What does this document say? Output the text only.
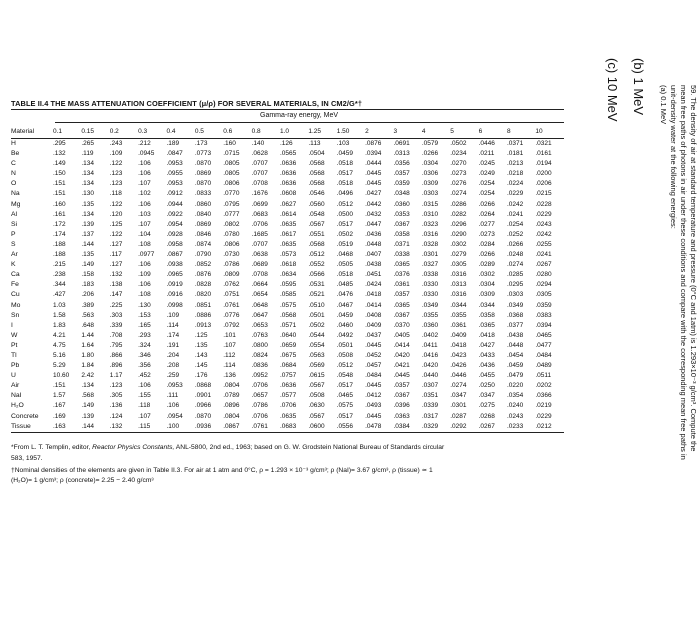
TABLE II.4 THE MASS ATTENUATION COEFFICIENT (μ/ρ) FOR SEVERAL MATERIALS, IN CM2/G*†
Gamma-ray energy, MeV
Material	0.1	0.15	0.2	0.3	0.4	0.5	0.6	0.8	1.0	1.25	1.50	2	3	4	5	6	8	10
H	.295	.265	.243	.212	.189	.173	.160	.140	.126	.113	.103	.0876	.0691	.0579	.0502	.0446	.0371	.0321
Be	.132	.119	.109	.0945	.0847	.0773	.0715	.0628	.0565	.0504	.0459	.0394	.0313	.0266	.0234	.0211	.0181	.0161
C	.149	.134	.122	.106	.0953	.0870	.0805	.0707	.0636	.0568	.0518	.0444	.0356	.0304	.0270	.0245	.0213	.0194
N	.150	.134	.123	.106	.0955	.0869	.0805	.0707	.0636	.0568	.0517	.0445	.0357	.0306	.0273	.0249	.0218	.0200
O	.151	.134	.123	.107	.0953	.0870	.0806	.0708	.0636	.0568	.0518	.0445	.0359	.0309	.0276	.0254	.0224	.0206
Na	.151	.130	.118	.102	.0912	.0833	.0770	.1676	.0608	.0546	.0496	.0427	.0348	.0303	.0274	.0254	.0229	.0215
Mg	.160	.135	.122	.106	.0944	.0860	.0795	.0699	.0627	.0560	.0512	.0442	.0360	.0315	.0286	.0266	.0242	.0228
Al	.161	.134	.120	.103	.0922	.0840	.0777	.0683	.0614	.0548	.0500	.0432	.0353	.0310	.0282	.0264	.0241	.0229
Si	.172	.139	.125	.107	.0954	.0869	.0802	.0706	.0635	.0567	.0517	.0447	.0367	.0323	.0296	.0277	.0254	.0243
P	.174	.137	.122	.104	.0928	.0846	.0780	.1685	.0617	.0551	.0502	.0436	.0358	.0316	.0290	.0273	.0252	.0242
S	.188	.144	.127	.108	.0958	.0874	.0806	.0707	.0635	.0568	.0519	.0448	.0371	.0328	.0302	.0284	.0266	.0255
Ar	.188	.135	.117	.0977	.0867	.0790	.0730	.0638	.0573	.0512	.0468	.0407	.0338	.0301	.0279	.0266	.0248	.0241
K	.215	.149	.127	.106	.0938	.0852	.0786	.0689	.0618	.0552	.0505	.0438	.0365	.0327	.0305	.0289	.0274	.0267
Ca	.238	.158	.132	.109	.0965	.0876	.0809	.0708	.0634	.0566	.0518	.0451	.0376	.0338	.0316	.0302	.0285	.0280
Fe	.344	.183	.138	.106	.0919	.0828	.0762	.0664	.0595	.0531	.0485	.0424	.0361	.0330	.0313	.0304	.0295	.0294
Cu	.427	.206	.147	.108	.0916	.0820	.0751	.0654	.0585	.0521	.0476	.0418	.0357	.0330	.0316	.0309	.0303	.0305
Mo	1.03	.389	.225	.130	.0998	.0851	.0761	.0648	.0575	.0510	.0467	.0414	.0365	.0349	.0344	.0344	.0349	.0359
Sn	1.58	.563	.303	.153	.109	.0886	.0776	.0647	.0568	.0501	.0459	.0408	.0367	.0355	.0355	.0358	.0368	.0383
I	1.83	.648	.339	.165	.114	.0913	.0792	.0653	.0571	.0502	.0460	.0409	.0370	.0360	.0361	.0365	.0377	.0394
W	4.21	1.44	.708	.293	.174	.125	.101	.0763	.0640	.0544	.0492	.0437	.0405	.0402	.0409	.0418	.0438	.0465
Pt	4.75	1.64	.795	.324	.191	.135	.107	.0800	.0659	.0554	.0501	.0445	.0414	.0411	.0418	.0427	.0448	.0477
Tl	5.16	1.80	.866	.346	.204	.143	.112	.0824	.0675	.0563	.0508	.0452	.0420	.0416	.0423	.0433	.0454	.0484
Pb	5.29	1.84	.896	.356	.208	.145	.114	.0836	.0684	.0569	.0512	.0457	.0421	.0420	.0426	.0436	.0459	.0489
U	10.60	2.42	1.17	.452	.259	.176	.136	.0952	.0757	.0615	.0548	.0484	.0445	.0440	.0446	.0455	.0479	.0511
Air	.151	.134	.123	.106	.0953	.0868	.0804	.0706	.0636	.0567	.0517	.0445	.0357	.0307	.0274	.0250	.0220	.0202
NaI	1.57	.568	.305	.155	.111	.0901	.0789	.0657	.0577	.0508	.0465	.0412	.0367	.0351	.0347	.0347	.0354	.0366
H₂O	.167	.149	.136	.118	.106	.0966	.0896	.0786	.0706	.0630	.0575	.0493	.0396	.0339	.0301	.0275	.0240	.0219
Concrete	.169	.139	.124	.107	.0954	.0870	.0804	.0706	.0635	.0567	.0517	.0445	.0363	.0317	.0287	.0268	.0243	.0229
Tissue	.163	.144	.132	.115	.100	.0936	.0867	.0761	.0683	.0600	.0556	.0478	.0384	.0329	.0292	.0267	.0233	.0212
*From L. T. Templin, editor, Reactor Physics Constants, ANL-5800, 2nd ed., 1963; based on G. W. Grodstein National Bureau of Standards circular
583, 1957.
†Nominal densities of the elements are given in Table II.3. For air at 1 atm and 0°C, ρ = 1.293 × 10⁻³ g/cm³; ρ (NaI)= 3.67 g/cm³, ρ (tissue) ≃ 1
(H₂O)= 1 g/cm³; ρ (concrete)= 2.25 − 2.40 g/cm³
(b) 1 MeV
(c) 10 MeV	59. The density of air at standard temperature and pressure (0°C and 1atm) is 1.293×10⁻³ g/cm³. Compute the
mean free paths of photons in air under these conditions and compare with the corresponding mean free paths in
unit-density water at the following energies:
(a) 0.1 MeV
